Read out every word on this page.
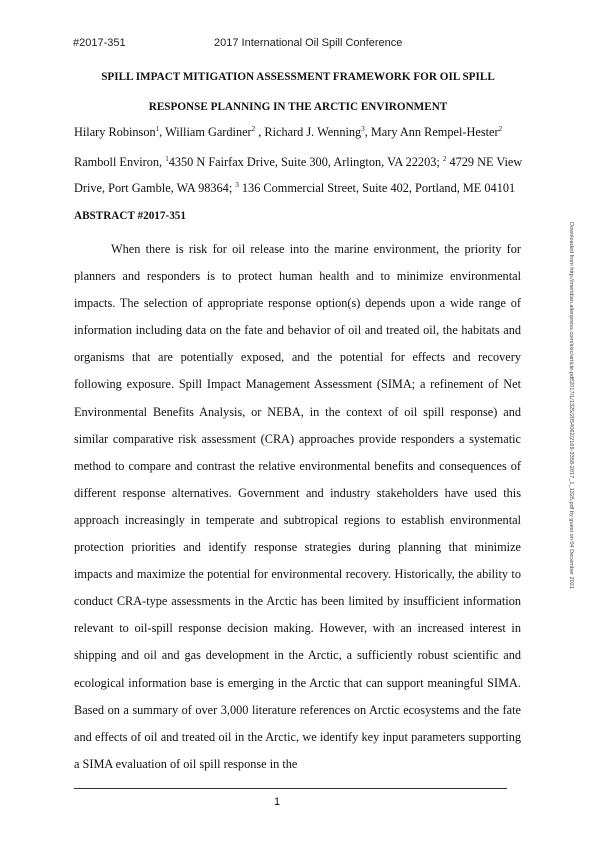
#2017-351	2017 International Oil Spill Conference
SPILL IMPACT MITIGATION ASSESSMENT FRAMEWORK FOR OIL SPILL
RESPONSE PLANNING IN THE ARCTIC ENVIRONMENT
Hilary Robinson$^1$, William Gardiner$^2$ , Richard J. Wenning$^3$, Mary Ann Rempel-Hester$^2$
Ramboll Environ, $^1$4350 N Fairfax Drive, Suite 300, Arlington, VA 22203; $^2$ 4729 NE View
Drive, Port Gamble, WA 98364; $^3$ 136 Commercial Street, Suite 402, Portland, ME 04101
ABSTRACT #2017-351

When there is risk for oil release into the marine environment, the priority for planners and responders is to protect human health and to minimize environmental impacts. The selection of appropriate response option(s) depends upon a wide range of information including data on the fate and behavior of oil and treated oil, the habitats and organisms that are potentially exposed, and the potential for effects and recovery following exposure. Spill Impact Management Assessment (SIMA; a refinement of Net Environmental Benefits Analysis, or NEBA, in the context of oil spill response) and similar comparative risk assessment (CRA) approaches provide responders a systematic method to compare and contrast the relative environmental benefits and consequences of different response alternatives. Government and industry stakeholders have used this approach increasingly in temperate and subtropical regions to establish environmental protection priorities and identify response strategies during planning that minimize impacts and maximize the potential for environmental recovery. Historically, the ability to conduct CRA-type assessments in the Arctic has been limited by insufficient information relevant to oil-spill response decision making. However, with an increased interest in shipping and oil and gas development in the Arctic, a sufficiently robust scientific and ecological information base is emerging in the Arctic that can support meaningful SIMA. Based on a summary of over 3,000 literature references on Arctic ecosystems and the fate and effects of oil and treated oil in the Arctic, we identify key input parameters supporting a SIMA evaluation of oil spill response in the

Downloaded from http://meridian.allenpress.com/iosc/article-pdf/2017/1/1325/2054062/2169-3358-2017_1_1325.pdf by guest on 04 December 2021
1
